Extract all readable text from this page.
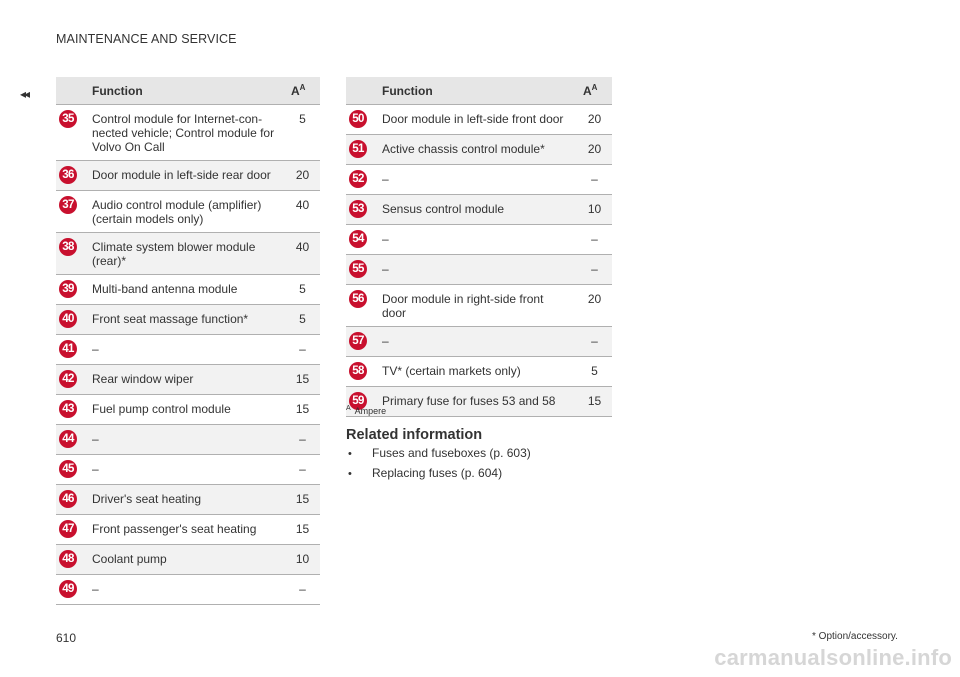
MAINTENANCE AND SERVICE
◂◂
		Function	$A^A$
35	Control module for Internet-con-
nected vehicle; Control module for
Volvo On Call	5
36	Door module in left-side rear door	20
37	Audio control module (amplifier)
(certain models only)	40
38	Climate system blower module
(rear)*	40
39	Multi-band antenna module	5
40	Front seat massage function*	5
41	–	–
42	Rear window wiper	15
43	Fuel pump control module	15
44	–	–
45	–	–
46	Driver's seat heating	15
47	Front passenger's seat heating	15
48	Coolant pump	10
49	–	–
	Function	$A^A$
50	Door module in left-side front door	20
51	Active chassis control module*	20
52	–	–
53	Sensus control module	10
54	–	–
55	–	–
56	Door module in right-side front
door	20
57	–	–
58	TV* (certain markets only)	5
59	Primary fuse for fuses 53 and 58	15
$^A$ Ampere
Related information
• Fuses and fuseboxes (p. 603)
• Replacing fuses (p. 604)
610	* Option/accessory.
carmanualsonline.info
